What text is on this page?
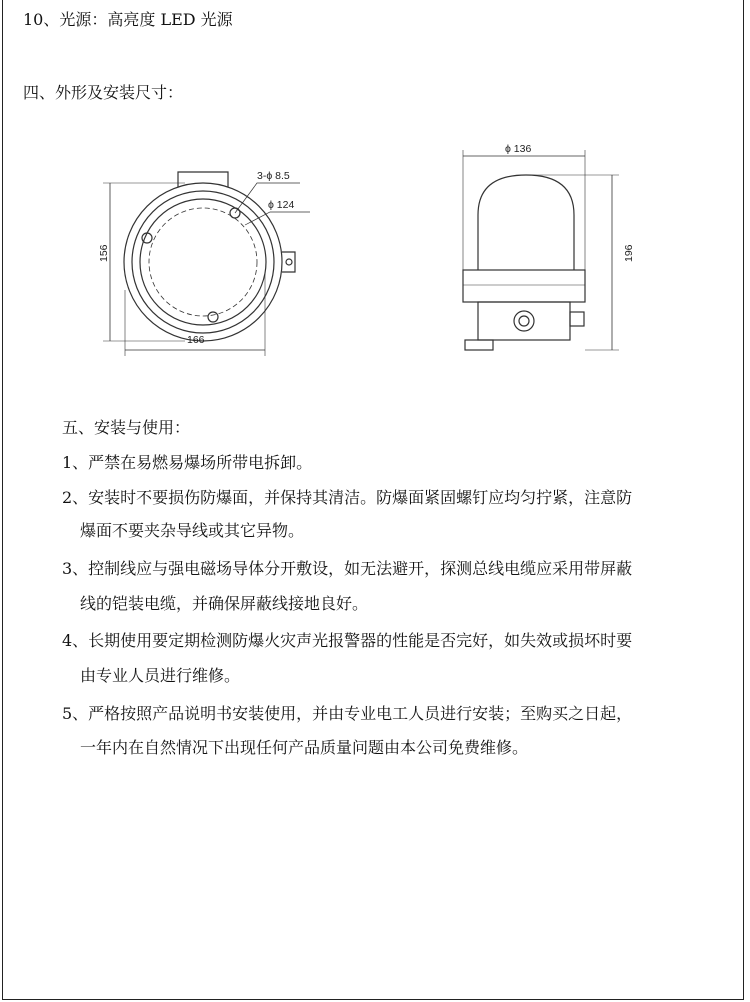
10、光源：高亮度 LED 光源
四、外形及安装尺寸：
3-ϕ 8.5
ϕ 124
156
166
ϕ 136
196
五、安装与使用：
1、严禁在易燃易爆场所带电拆卸。
2、安装时不要损伤防爆面，并保持其清洁。防爆面紧固螺钉应均匀拧紧，注意防
爆面不要夹杂导线或其它异物。
3、控制线应与强电磁场导体分开敷设，如无法避开，探测总线电缆应采用带屏蔽
线的铠装电缆，并确保屏蔽线接地良好。
4、长期使用要定期检测防爆火灾声光报警器的性能是否完好，如失效或损坏时要
由专业人员进行维修。
5、严格按照产品说明书安装使用，并由专业电工人员进行安装；至购买之日起，
一年内在自然情况下出现任何产品质量问题由本公司免费维修。
